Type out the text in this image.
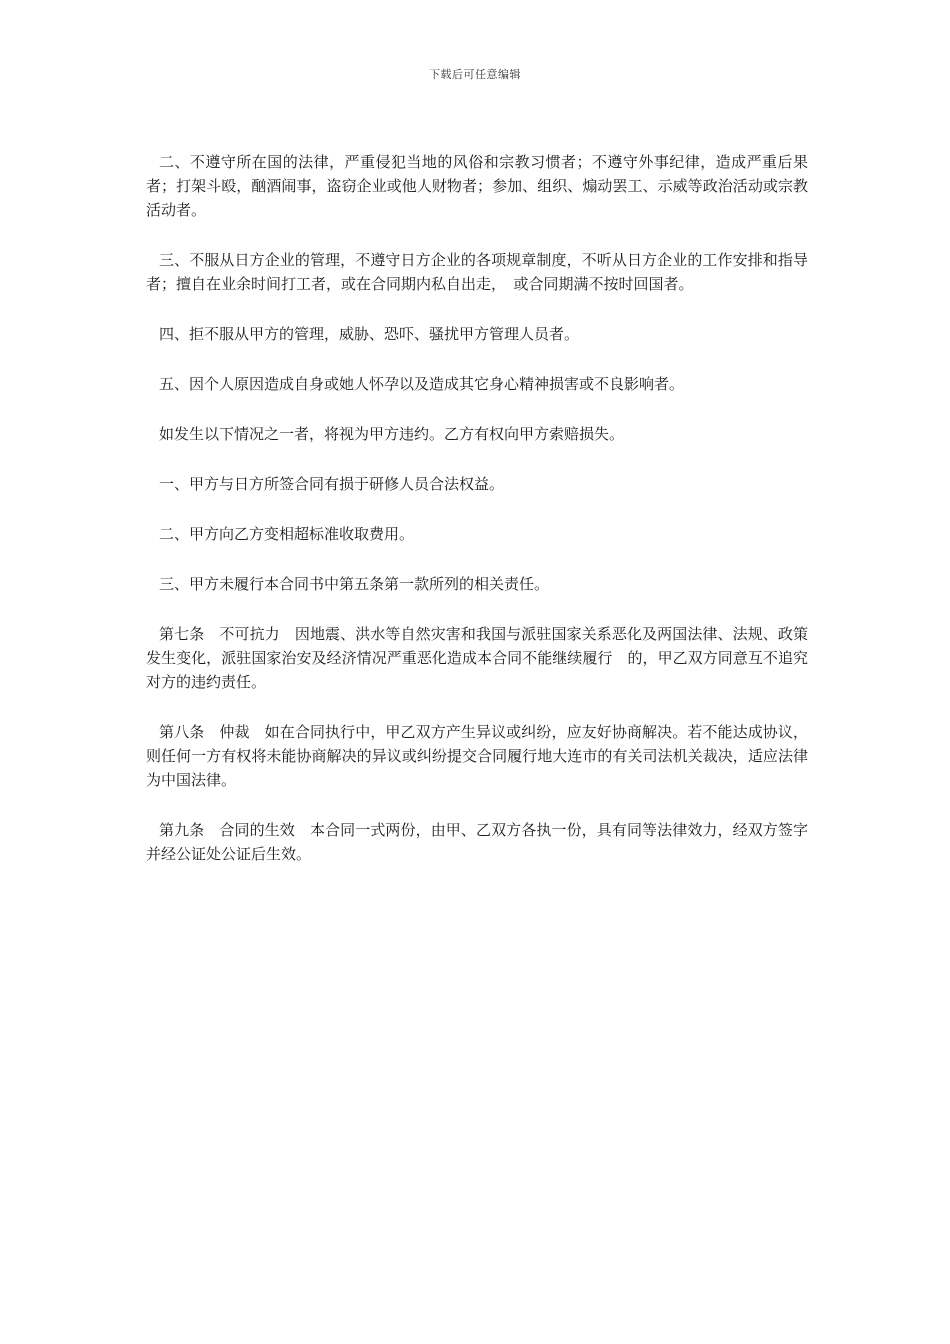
下载后可任意编辑

二、不遵守所在国的法律，严重侵犯当地的风俗和宗教习惯者；不遵守外事纪律，造成严重后果者；打架斗殴，酗酒闹事，盗窃企业或他人财物者；参加、组织、煽动罢工、示威等政治活动或宗教活动者。

三、不服从日方企业的管理，不遵守日方企业的各项规章制度，不听从日方企业的工作安排和指导者；擅自在业余时间打工者，或在合同期内私自出走，　或合同期满不按时回国者。

四、拒不服从甲方的管理，威胁、恐吓、骚扰甲方管理人员者。

五、因个人原因造成自身或她人怀孕以及造成其它身心精神损害或不良影响者。

如发生以下情况之一者，将视为甲方违约。乙方有权向甲方索赔损失。

一、甲方与日方所签合同有损于研修人员合法权益。

二、甲方向乙方变相超标准收取费用。

三、甲方未履行本合同书中第五条第一款所列的相关责任。

第七条　不可抗力　因地震、洪水等自然灾害和我国与派驻国家关系恶化及两国法律、法规、政策发生变化，派驻国家治安及经济情况严重恶化造成本合同不能继续履行　的，甲乙双方同意互不追究对方的违约责任。

第八条　仲裁　如在合同执行中，甲乙双方产生异议或纠纷，应友好协商解决。若不能达成协议，则任何一方有权将未能协商解决的异议或纠纷提交合同履行地大连市的有关司法机关裁决，适应法律为中国法律。

第九条　合同的生效　本合同一式两份，由甲、乙双方各执一份，具有同等法律效力，经双方签字并经公证处公证后生效。
